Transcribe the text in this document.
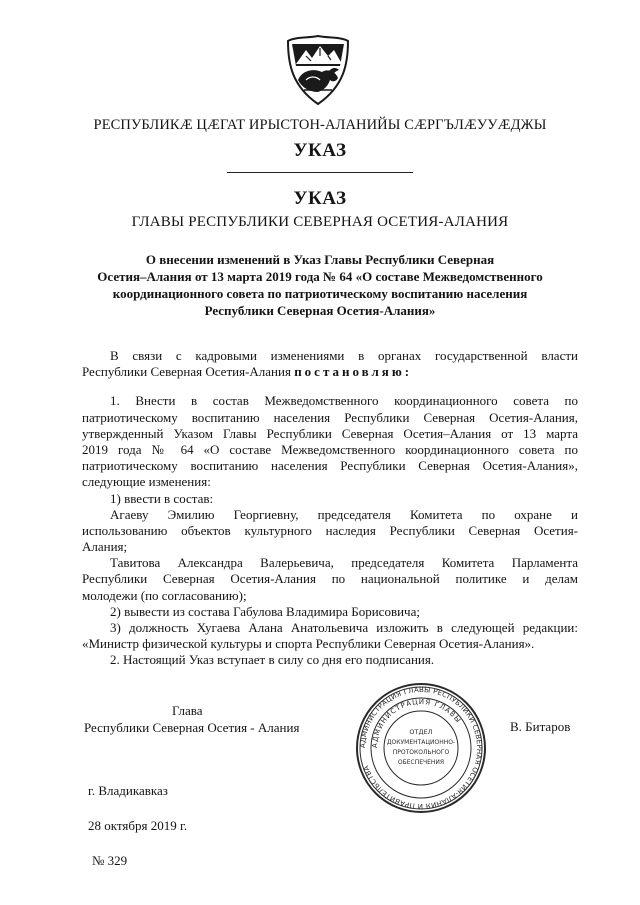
РЕСПУБЛИКӔ ЦӔГАТ ИРЫСТОН-АЛАНИЙЫ СӔРГЪЛӔУУӔДЖЫ
УКАЗ
УКАЗ
ГЛАВЫ РЕСПУБЛИКИ СЕВЕРНАЯ ОСЕТИЯ-АЛАНИЯ
О внесении изменений в Указ Главы Республики Северная
Осетия–Алания от 13 марта 2019 года № 64 «О составе Межведомственного
координационного совета по патриотическому воспитанию населения
Республики Северная Осетия-Алания»
В связи с кадровыми изменениями в органах государственной власти
Республики Северная Осетия-Алания постановляю:
1. Внести в состав Межведомственного координационного совета по
патриотическому воспитанию населения Республики Северная Осетия-Алания,
утвержденный Указом Главы Республики Северная Осетия–Алания от 13 марта
2019 года № 64 «О составе Межведомственного координационного совета по
патриотическому воспитанию населения Республики Северная Осетия-Алания»,
следующие изменения:
1) ввести в состав:
Агаеву Эмилию Георгиевну, председателя Комитета по охране и
использованию объектов культурного наследия Республики Северная Осетия-
Алания;
Тавитова Александра Валерьевича, председателя Комитета Парламента
Республики Северная Осетия-Алания по национальной политике и делам
молодежи (по согласованию);
2) вывести из состава Габулова Владимира Борисовича;
3) должность Хугаева Алана Анатольевича изложить в следующей редакции:
«Министр физической культуры и спорта Республики Северная Осетия-Алания».
2. Настоящий Указ вступает в силу со дня его подписания.
Глава
Республики Северная Осетия - Алания
АДМИНИСТРАЦИЯ ГЛАВЫ РЕСПУБЛИКИ СЕВЕРНАЯ ОСЕТИЯ-АЛАНИЯ И ПРАВИТЕЛЬСТВА
АДМИНИСТРАЦИЯ ГЛАВЫ
ОТДЕЛ
ДОКУМЕНТАЦИОННО-
ПРОТОКОЛЬНОГО
ОБЕСПЕЧЕНИЯ
В. Битаров
г. Владикавказ
28 октября 2019 г.
№ 329
